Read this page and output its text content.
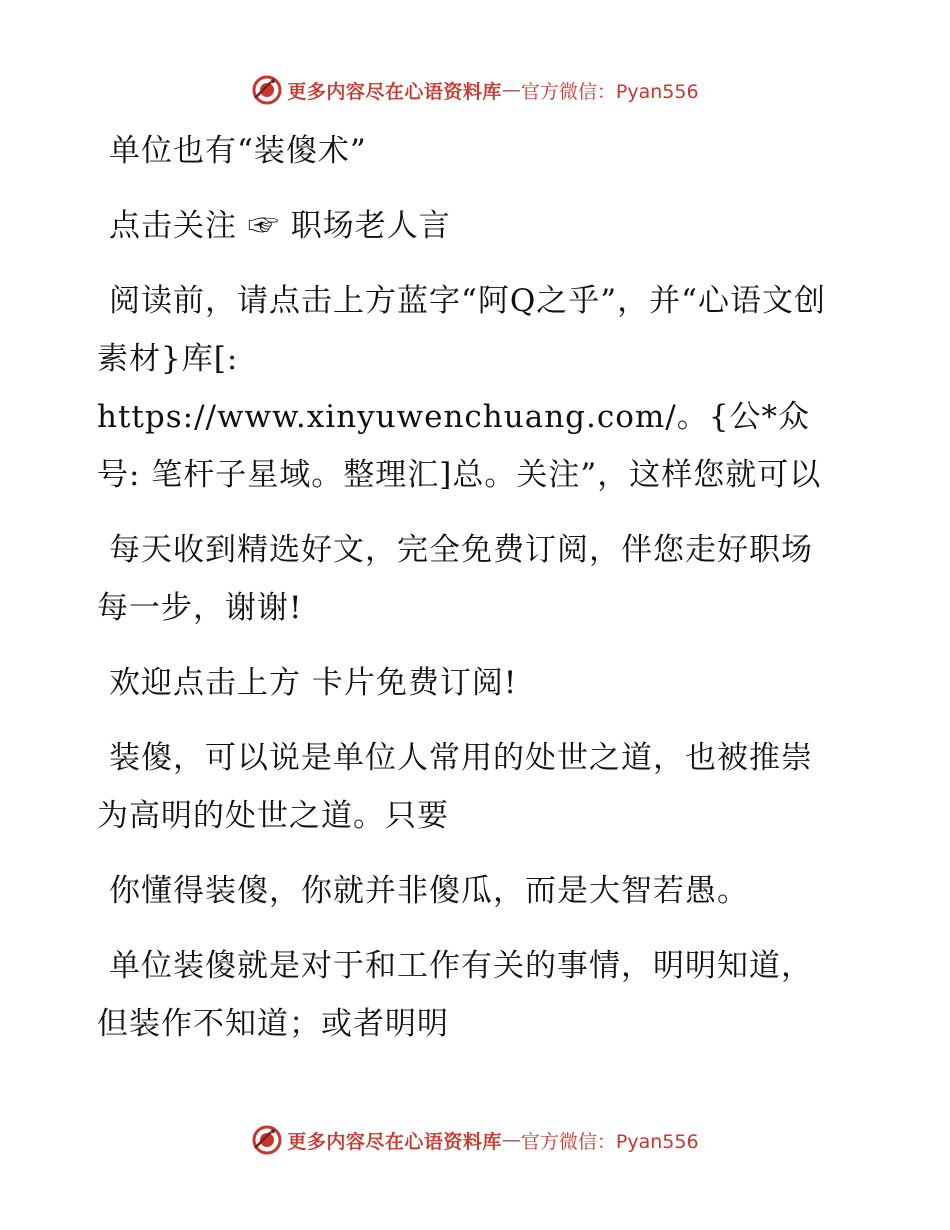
更多内容尽在心语资料库 — 官方微信：Pyan556

单位也有“装傻术”

点击关注 ☞ 职场老人言

阅读前，请点击上方蓝字“阿Q之乎”，并“心语文创素材}库[: https://www.xinyuwenchuang.com/。{公*众号: 笔杆子星域。整理汇]总。关注”，这样您就可以

每天收到精选好文，完全免费订阅，伴您走好职场每一步，谢谢!

欢迎点击上方 卡片免费订阅!

装傻，可以说是单位人常用的处世之道，也被推崇为高明的处世之道。只要

你懂得装傻，你就并非傻瓜，而是大智若愚。

单位装傻就是对于和工作有关的事情，明明知道，但装作不知道；或者明明

更多内容尽在心语资料库 — 官方微信：Pyan556
